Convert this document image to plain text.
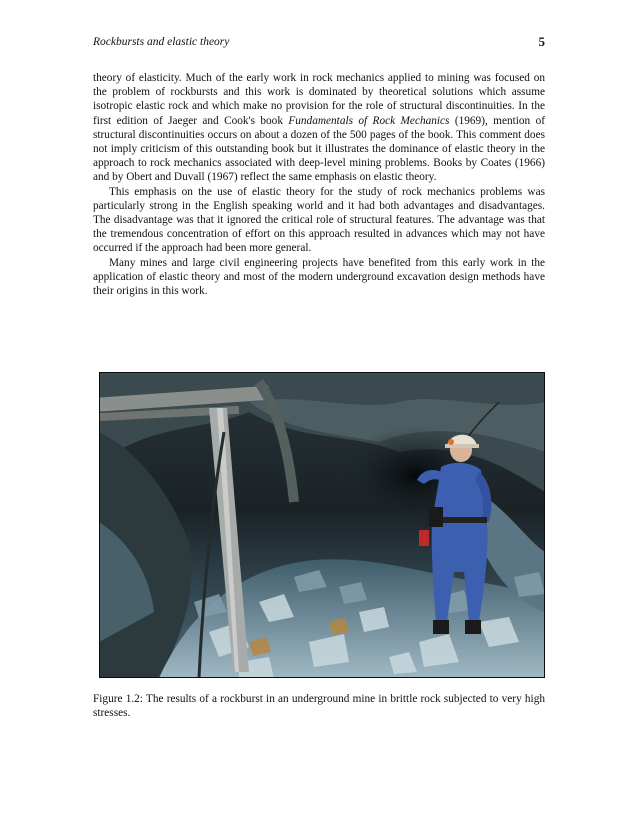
Rockbursts and elastic theory	5

theory of elasticity. Much of the early work in rock mechanics applied to mining was focused on the problem of rockbursts and this work is dominated by theoretical solutions which assume isotropic elastic rock and which make no provision for the role of structural discontinuities. In the first edition of Jaeger and Cook's book Fundamentals of Rock Mechanics (1969), mention of structural discontinuities occurs on about a dozen of the 500 pages of the book. This comment does not imply criticism of this outstanding book but it illustrates the dominance of elastic theory in the approach to rock mechanics associated with deep-level mining problems. Books by Coates (1966) and by Obert and Duvall (1967) reflect the same emphasis on elastic theory.

This emphasis on the use of elastic theory for the study of rock mechanics problems was particularly strong in the English speaking world and it had both advantages and disadvantages. The disadvantage was that it ignored the critical role of structural features. The advantage was that the tremendous concentration of effort on this approach resulted in advances which may not have occurred if the approach had been more general.

Many mines and large civil engineering projects have benefited from this early work in the application of elastic theory and most of the modern underground excavation design methods have their origins in this work.

Figure 1.2: The results of a rockburst in an underground mine in brittle rock subjected to very high stresses.
